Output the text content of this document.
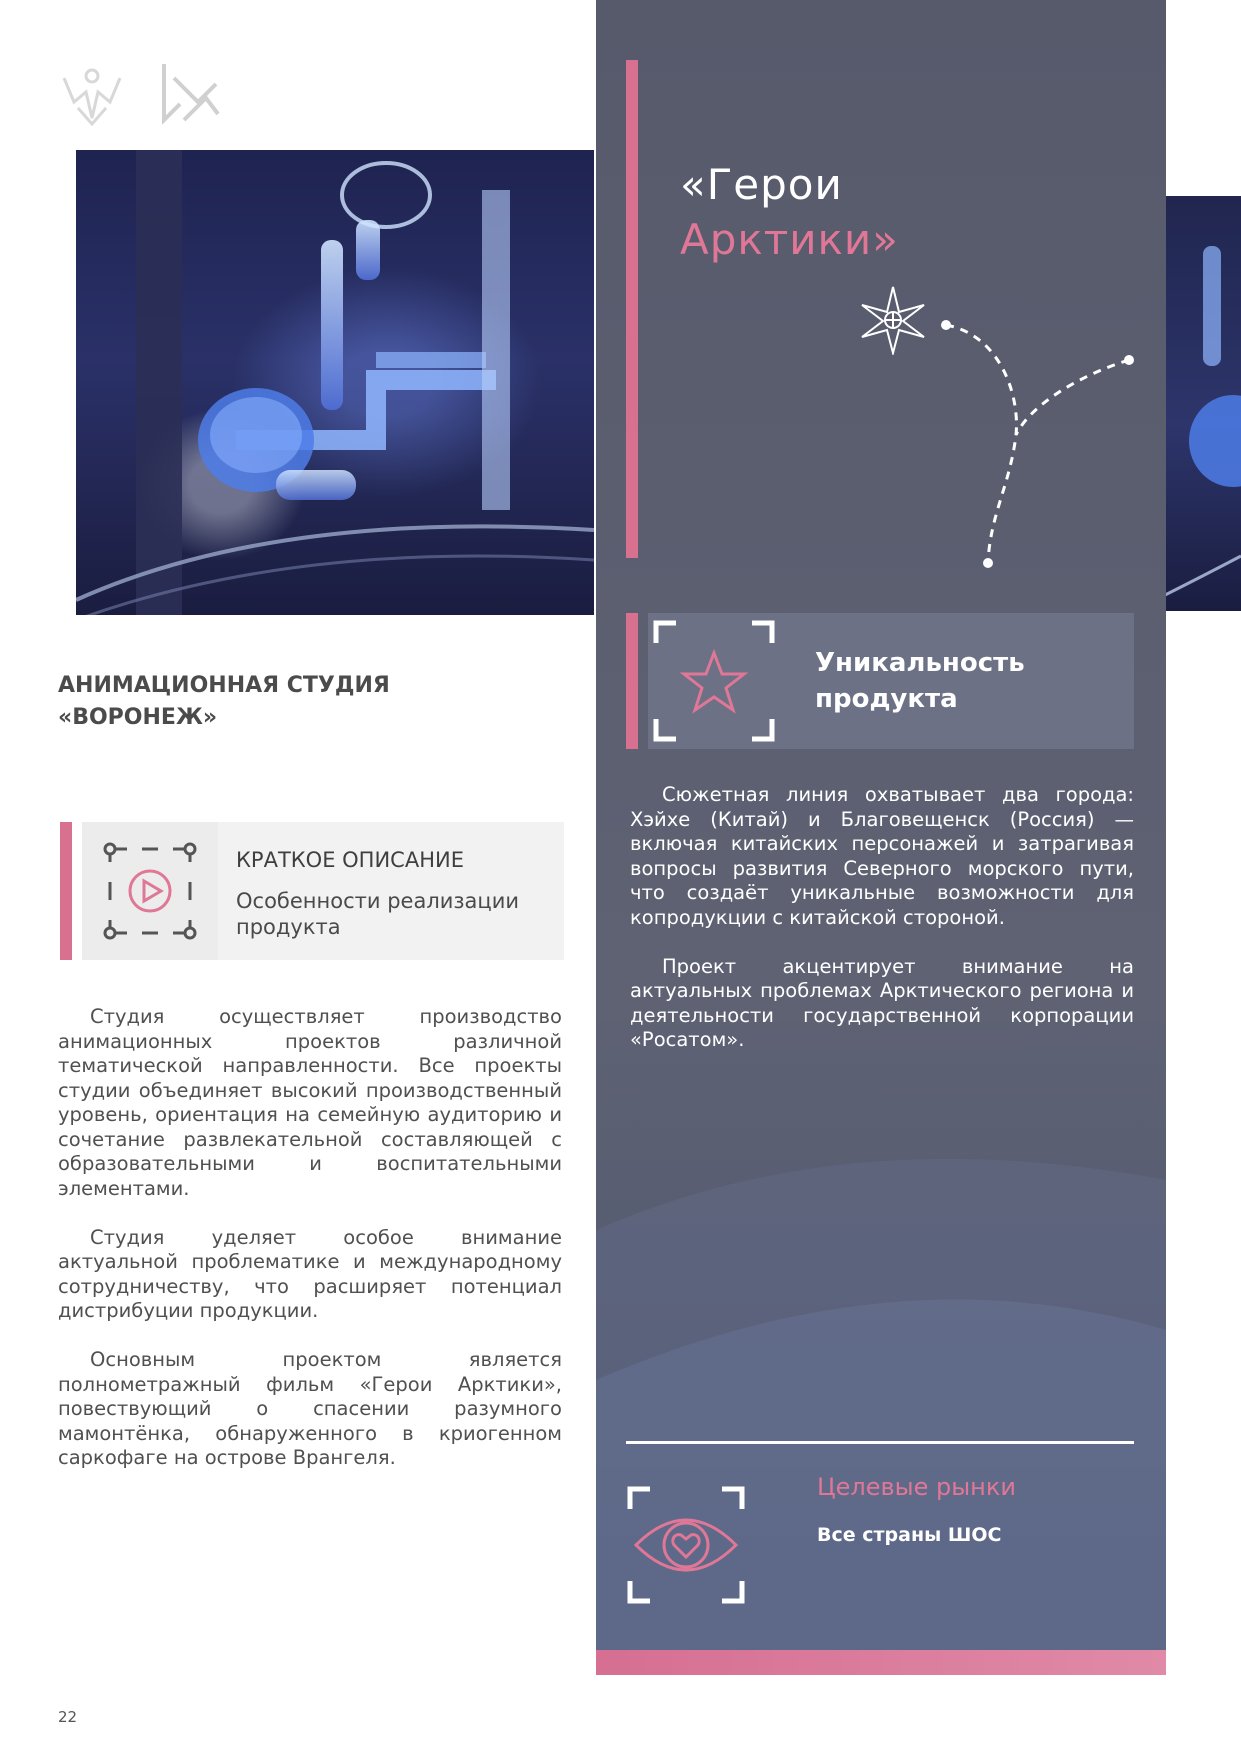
«Герои
Арктики»
Уникальность продукта

Сюжетная линия охватывает два города: Хэйхе (Китай) и Благовещенск (Россия) — включая китайских персонажей и затрагивая вопросы развития Северного морского пути, что создаёт уникальные возможности для копродукции с китайской стороной.

Проект акцентирует внимание на актуальных проблемах Арктического региона и деятельности государственной корпорации «Росатом».

Целевые рынки
Все страны ШОС
АНИМАЦИОННАЯ СТУДИЯ
«ВОРОНЕЖ»
КРАТКОЕ ОПИСАНИЕ
Особенности реализации
продукта

Студия осуществляет производство анимационных проектов различной тематической направленности. Все проекты студии объединяет высокий производственный уровень, ориентация на семейную аудиторию и сочетание развлекательной составляющей с образовательными и воспитательными элементами.

Студия уделяет особое внимание актуальной проблематике и международному сотрудничеству, что расширяет потенциал дистрибуции продукции.

Основным проектом является полнометражный фильм «Герои Арктики», повествующий о спасении разумного мамонтёнка, обнаруженного в криогенном саркофаге на острове Врангеля.

22
